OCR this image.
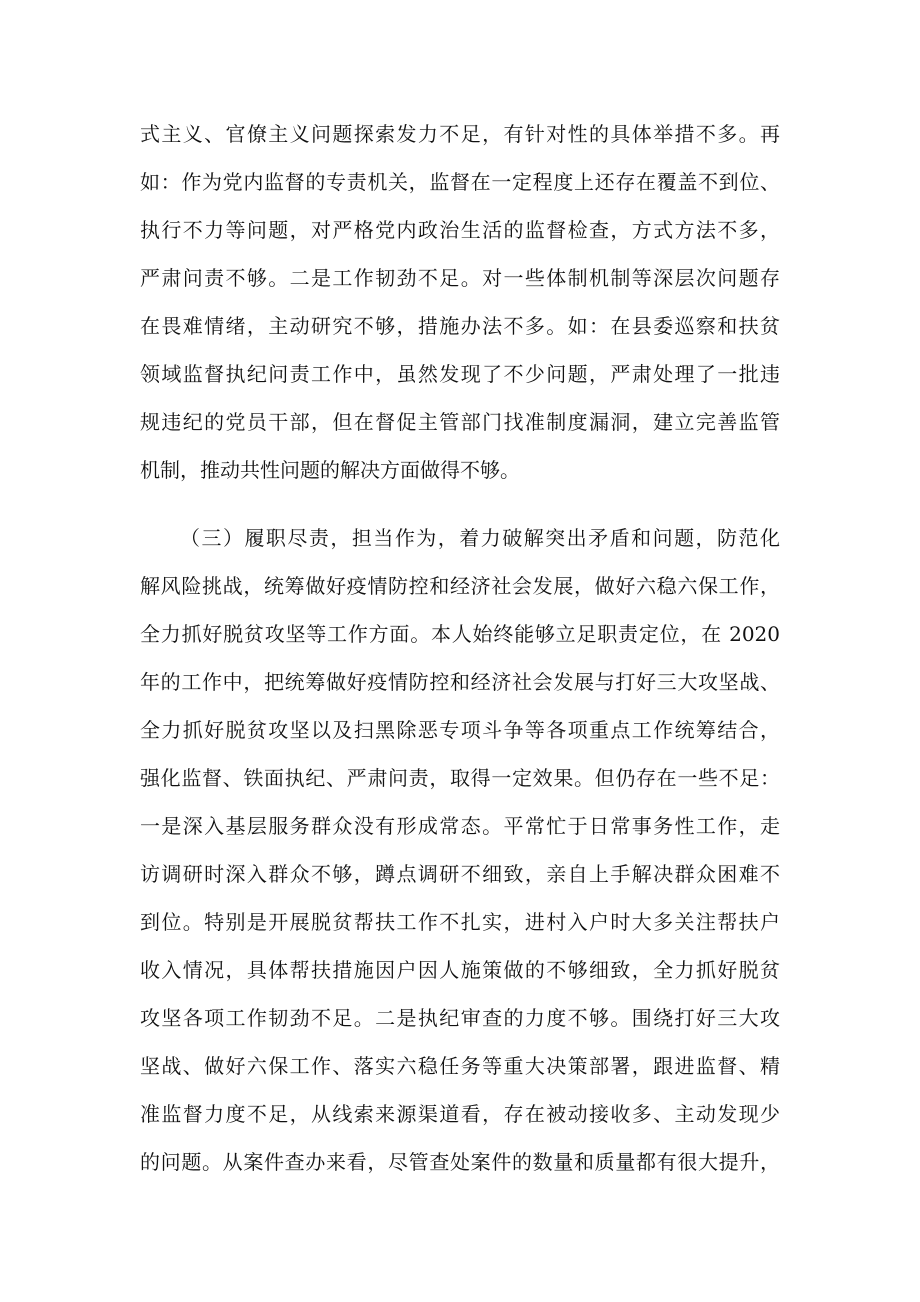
式主义、官僚主义问题探索发力不足，有针对性的具体举措不多。再

如：作为党内监督的专责机关，监督在一定程度上还存在覆盖不到位、

执行不力等问题，对严格党内政治生活的监督检查，方式方法不多，

严肃问责不够。二是工作韧劲不足。对一些体制机制等深层次问题存

在畏难情绪，主动研究不够，措施办法不多。如：在县委巡察和扶贫

领域监督执纪问责工作中，虽然发现了不少问题，严肃处理了一批违

规违纪的党员干部，但在督促主管部门找准制度漏洞，建立完善监管

机制，推动共性问题的解决方面做得不够。

（三）履职尽责，担当作为，着力破解突出矛盾和问题，防范化

解风险挑战，统筹做好疫情防控和经济社会发展，做好六稳六保工作，

全力抓好脱贫攻坚等工作方面。本人始终能够立足职责定位，在 2020

年的工作中，把统筹做好疫情防控和经济社会发展与打好三大攻坚战、

全力抓好脱贫攻坚以及扫黑除恶专项斗争等各项重点工作统筹结合，

强化监督、铁面执纪、严肃问责，取得一定效果。但仍存在一些不足：

一是深入基层服务群众没有形成常态。平常忙于日常事务性工作，走

访调研时深入群众不够，蹲点调研不细致，亲自上手解决群众困难不

到位。特别是开展脱贫帮扶工作不扎实，进村入户时大多关注帮扶户

收入情况，具体帮扶措施因户因人施策做的不够细致，全力抓好脱贫

攻坚各项工作韧劲不足。二是执纪审查的力度不够。围绕打好三大攻

坚战、做好六保工作、落实六稳任务等重大决策部署，跟进监督、精

准监督力度不足，从线索来源渠道看，存在被动接收多、主动发现少

的问题。从案件查办来看，尽管查处案件的数量和质量都有很大提升，
